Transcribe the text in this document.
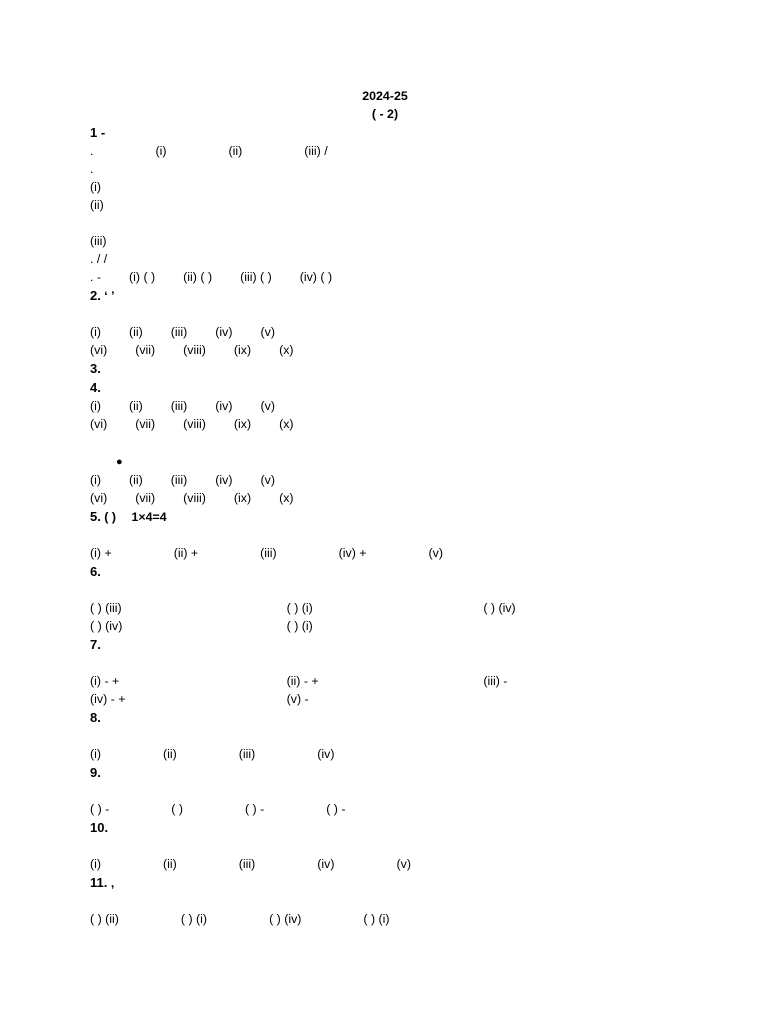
2024-25
( - 2)
1 -
.	(i)	(ii)	(iii) /
.
(i)
(ii)
(iii)
. / /
. - (i) ( ) (ii) ( ) (iii) ( ) (iv) ( )
2. ‘ ’
(i) (ii) (iii) (iv) (v)
(vi) (vii) (viii) (ix) (x)
3.
4.
(i) (ii) (iii) (iv) (v)
(vi) (vii) (viii) (ix) (x)
●
(i) (ii) (iii) (iv) (v)
(vi) (vii) (viii) (ix) (x)
5. ( ) 1×4=4
(i) +	(ii) +	(iii)	(iv) +	(v)
6.
( ) (iii)	( ) (i)	( ) (iv)
( ) (iv)	( ) (i)
7.
(i) - +	(ii) - +	(iii) -
(iv) - +	(v) -
8.
(i)	(ii)	(iii)	(iv)
9.
( ) -	( )	( ) -	( ) -
10.
(i)	(ii)	(iii)	(iv)	(v)
11. ,
( ) (ii)	( ) (i)	( ) (iv)	( ) (i)
